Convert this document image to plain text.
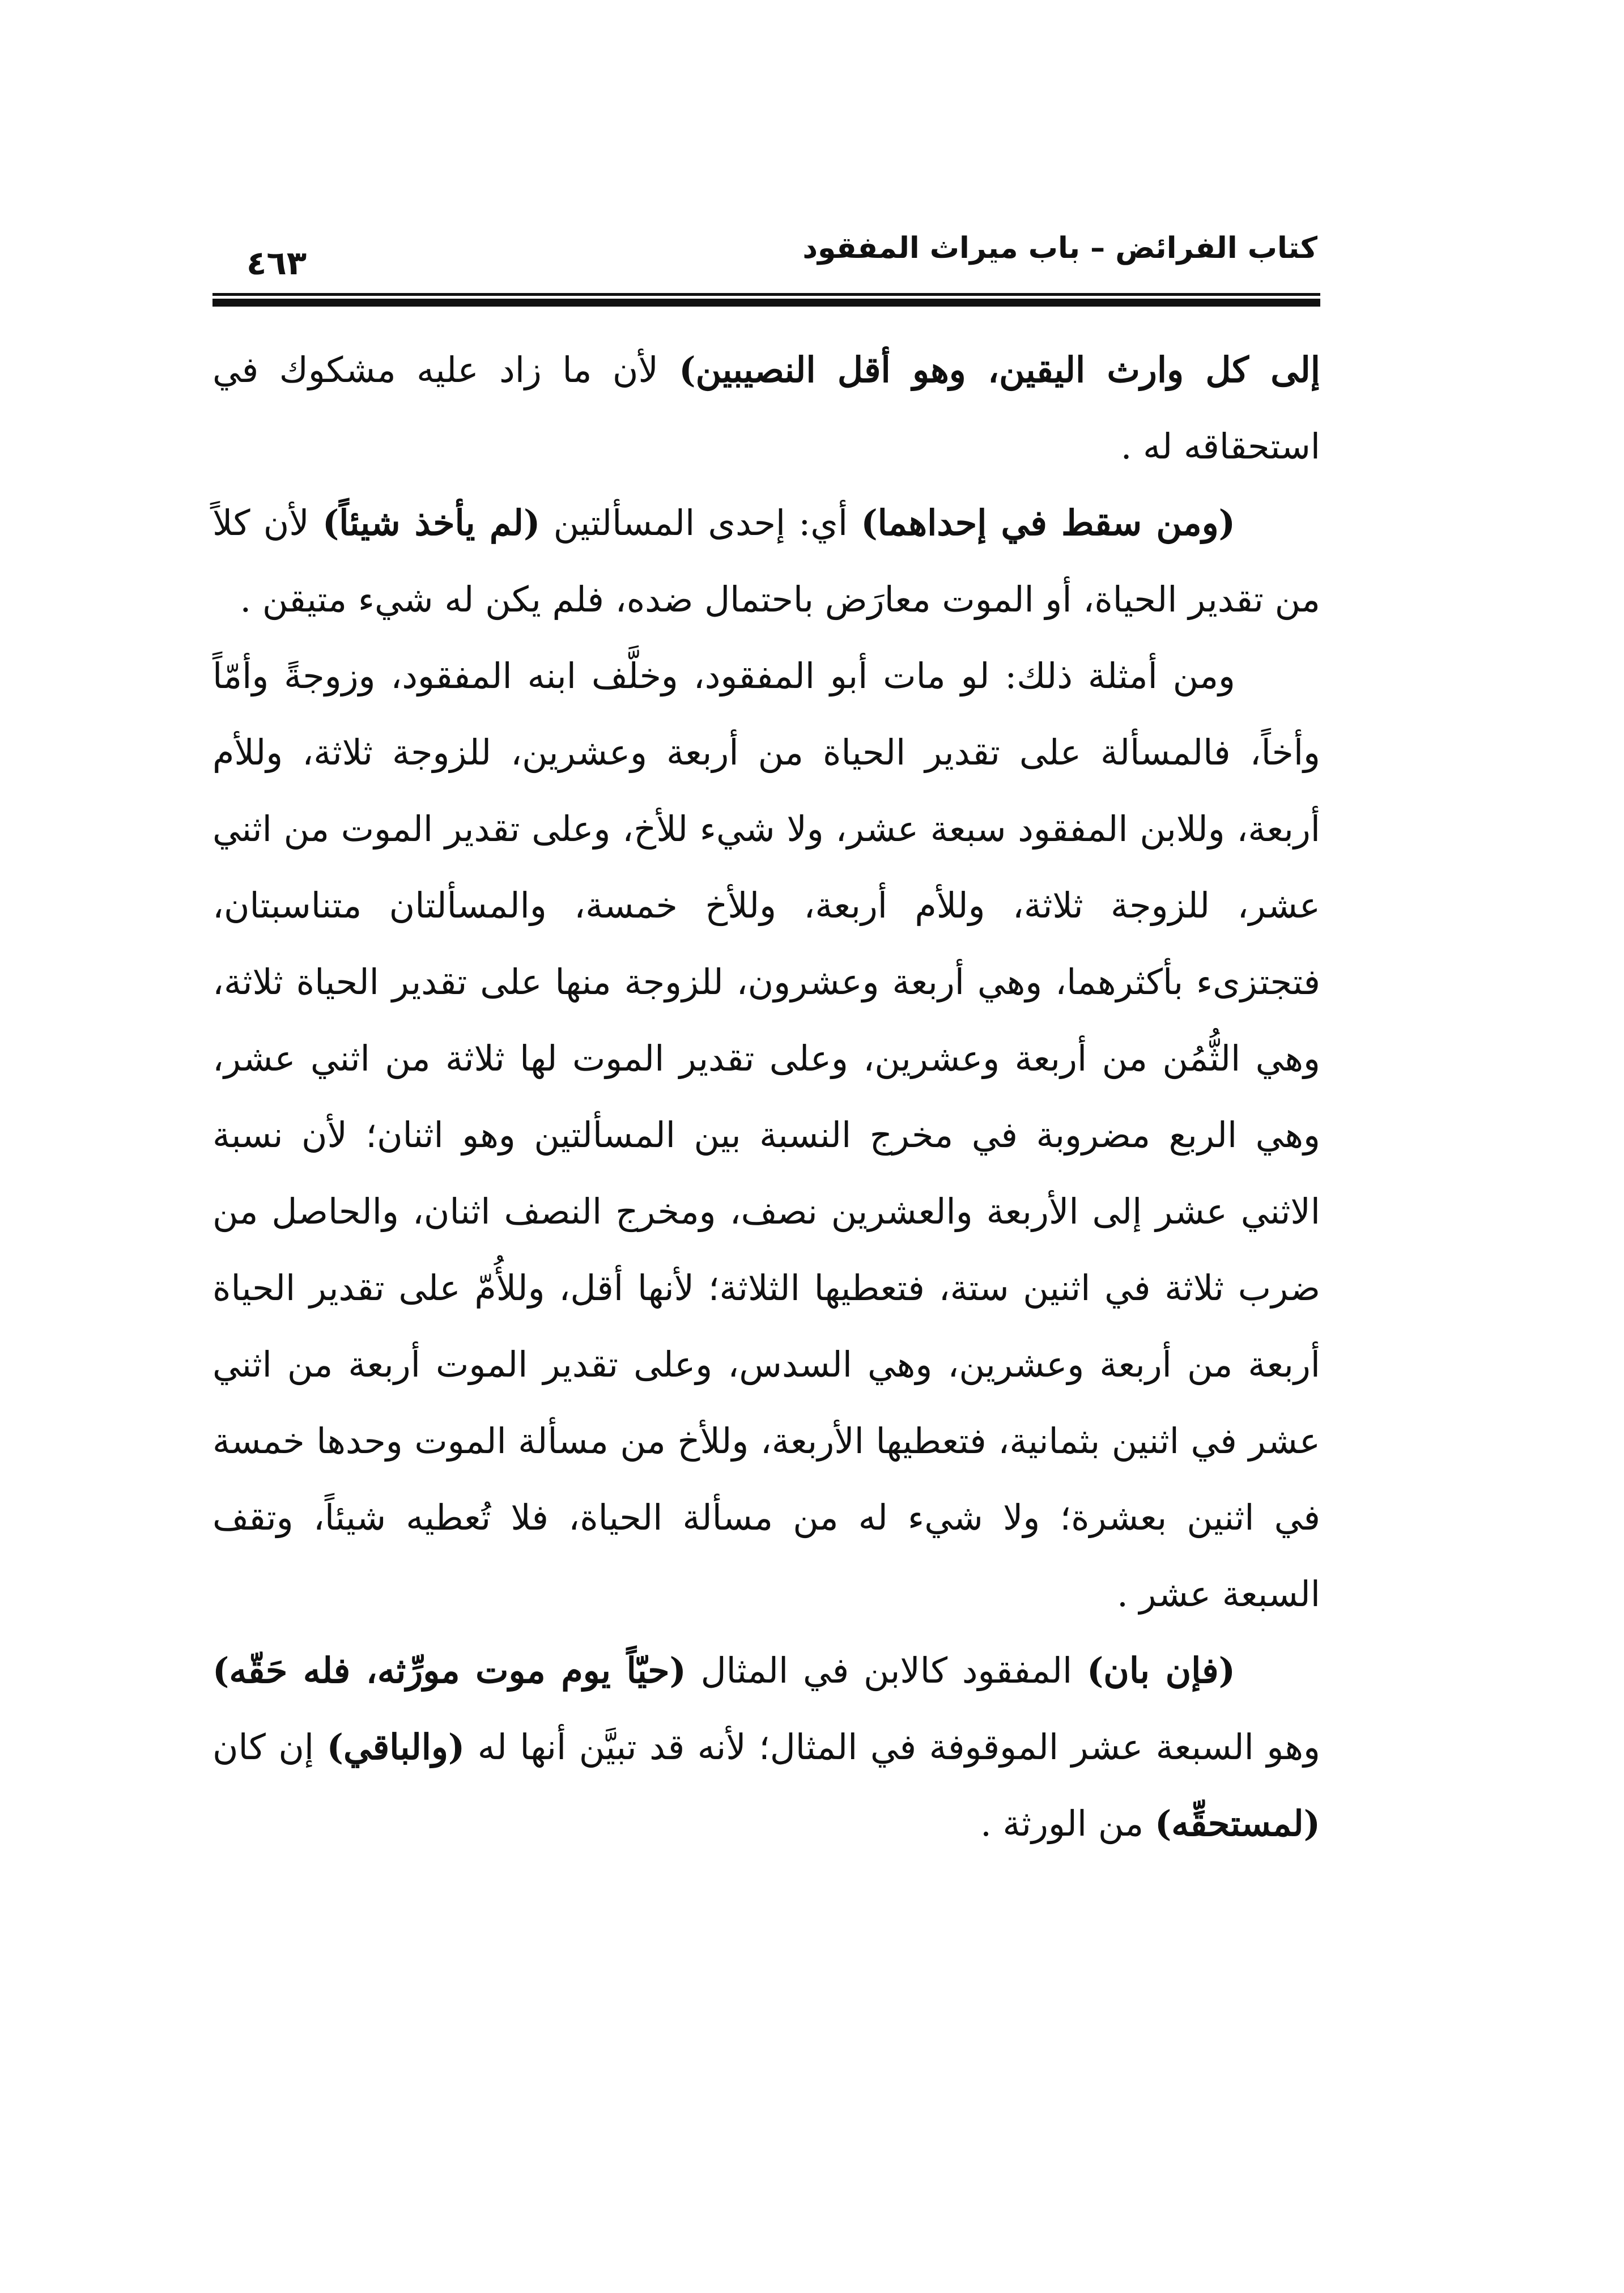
كتاب الفرائض – باب ميراث المفقود
٤٦٣

إلى كل وارث اليقين، وهو أقل النصيبين) لأن ما زاد عليه مشكوك في استحقاقه له .

(ومن سقط في إحداهما) أي: إحدى المسألتين (لم يأخذ شيئاً) لأن كلاً من تقدير الحياة، أو الموت معارَض باحتمال ضده، فلم يكن له شيء متيقن .

ومن أمثلة ذلك: لو مات أبو المفقود، وخلَّف ابنه المفقود، وزوجةً وأمّاً وأخاً، فالمسألة على تقدير الحياة من أربعة وعشرين، للزوجة ثلاثة، وللأم أربعة، وللابن المفقود سبعة عشر، ولا شيء للأخ، وعلى تقدير الموت من اثني عشر، للزوجة ثلاثة، وللأم أربعة، وللأخ خمسة، والمسألتان متناسبتان، فتجتزىء بأكثرهما، وهي أربعة وعشرون، للزوجة منها على تقدير الحياة ثلاثة، وهي الثُّمُن من أربعة وعشرين، وعلى تقدير الموت لها ثلاثة من اثني عشر، وهي الربع مضروبة في مخرج النسبة بين المسألتين وهو اثنان؛ لأن نسبة الاثني عشر إلى الأربعة والعشرين نصف، ومخرج النصف اثنان، والحاصل من ضرب ثلاثة في اثنين ستة، فتعطيها الثلاثة؛ لأنها أقل، وللأُمّ على تقدير الحياة أربعة من أربعة وعشرين، وهي السدس، وعلى تقدير الموت أربعة من اثني عشر في اثنين بثمانية، فتعطيها الأربعة، وللأخ من مسألة الموت وحدها خمسة في اثنين بعشرة؛ ولا شيء له من مسألة الحياة، فلا تُعطيه شيئاً، وتقف السبعة عشر .

(فإن بان) المفقود كالابن في المثال (حيّاً يوم موت مورِّثه، فله حَقّه) وهو السبعة عشر الموقوفة في المثال؛ لأنه قد تبيَّن أنها له (والباقي) إن كان (لمستحقِّه) من الورثة .
